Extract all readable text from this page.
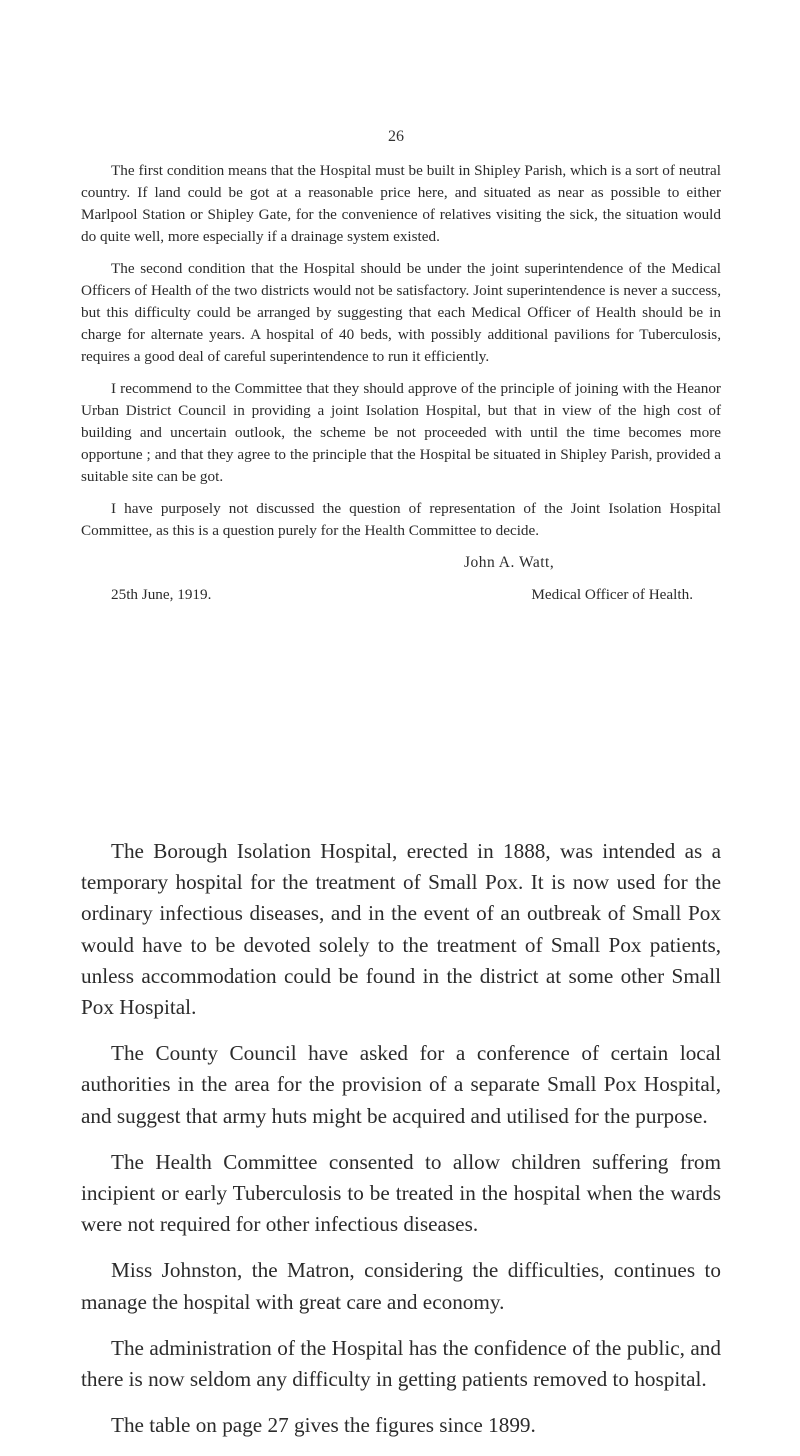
26

The first condition means that the Hospital must be built in Shipley Parish, which is a sort of neutral country. If land could be got at a reasonable price here, and situated as near as possible to either Marlpool Station or Shipley Gate, for the convenience of relatives visiting the sick, the situation would do quite well, more especially if a drainage system existed.

The second condition that the Hospital should be under the joint superintendence of the Medical Officers of Health of the two districts would not be satisfactory. Joint superintendence is never a success, but this difficulty could be arranged by suggesting that each Medical Officer of Health should be in charge for alternate years. A hospital of 40 beds, with possibly additional pavilions for Tuberculosis, requires a good deal of careful superintendence to run it efficiently.

I recommend to the Committee that they should approve of the principle of joining with the Heanor Urban District Council in providing a joint Isolation Hospital, but that in view of the high cost of building and uncertain outlook, the scheme be not proceeded with until the time becomes more opportune ; and that they agree to the principle that the Hospital be situated in Shipley Parish, provided a suitable site can be got.

I have purposely not discussed the question of representation of the Joint Isolation Hospital Committee, as this is a question purely for the Health Committee to decide.

John A. Watt,

25th June, 1919.	Medical Officer of Health.

The Borough Isolation Hospital, erected in 1888, was intended as a temporary hospital for the treatment of Small Pox. It is now used for the ordinary infectious diseases, and in the event of an outbreak of Small Pox would have to be devoted solely to the treatment of Small Pox patients, unless accommodation could be found in the district at some other Small Pox Hospital.

The County Council have asked for a conference of certain local authorities in the area for the provision of a separate Small Pox Hospital, and suggest that army huts might be acquired and utilised for the purpose.

The Health Committee consented to allow children suffering from incipient or early Tuberculosis to be treated in the hospital when the wards were not required for other infectious diseases.

Miss Johnston, the Matron, considering the difficulties, continues to manage the hospital with great care and economy.

The administration of the Hospital has the confidence of the public, and there is now seldom any difficulty in getting patients removed to hospital.

The table on page 27 gives the figures since 1899.
